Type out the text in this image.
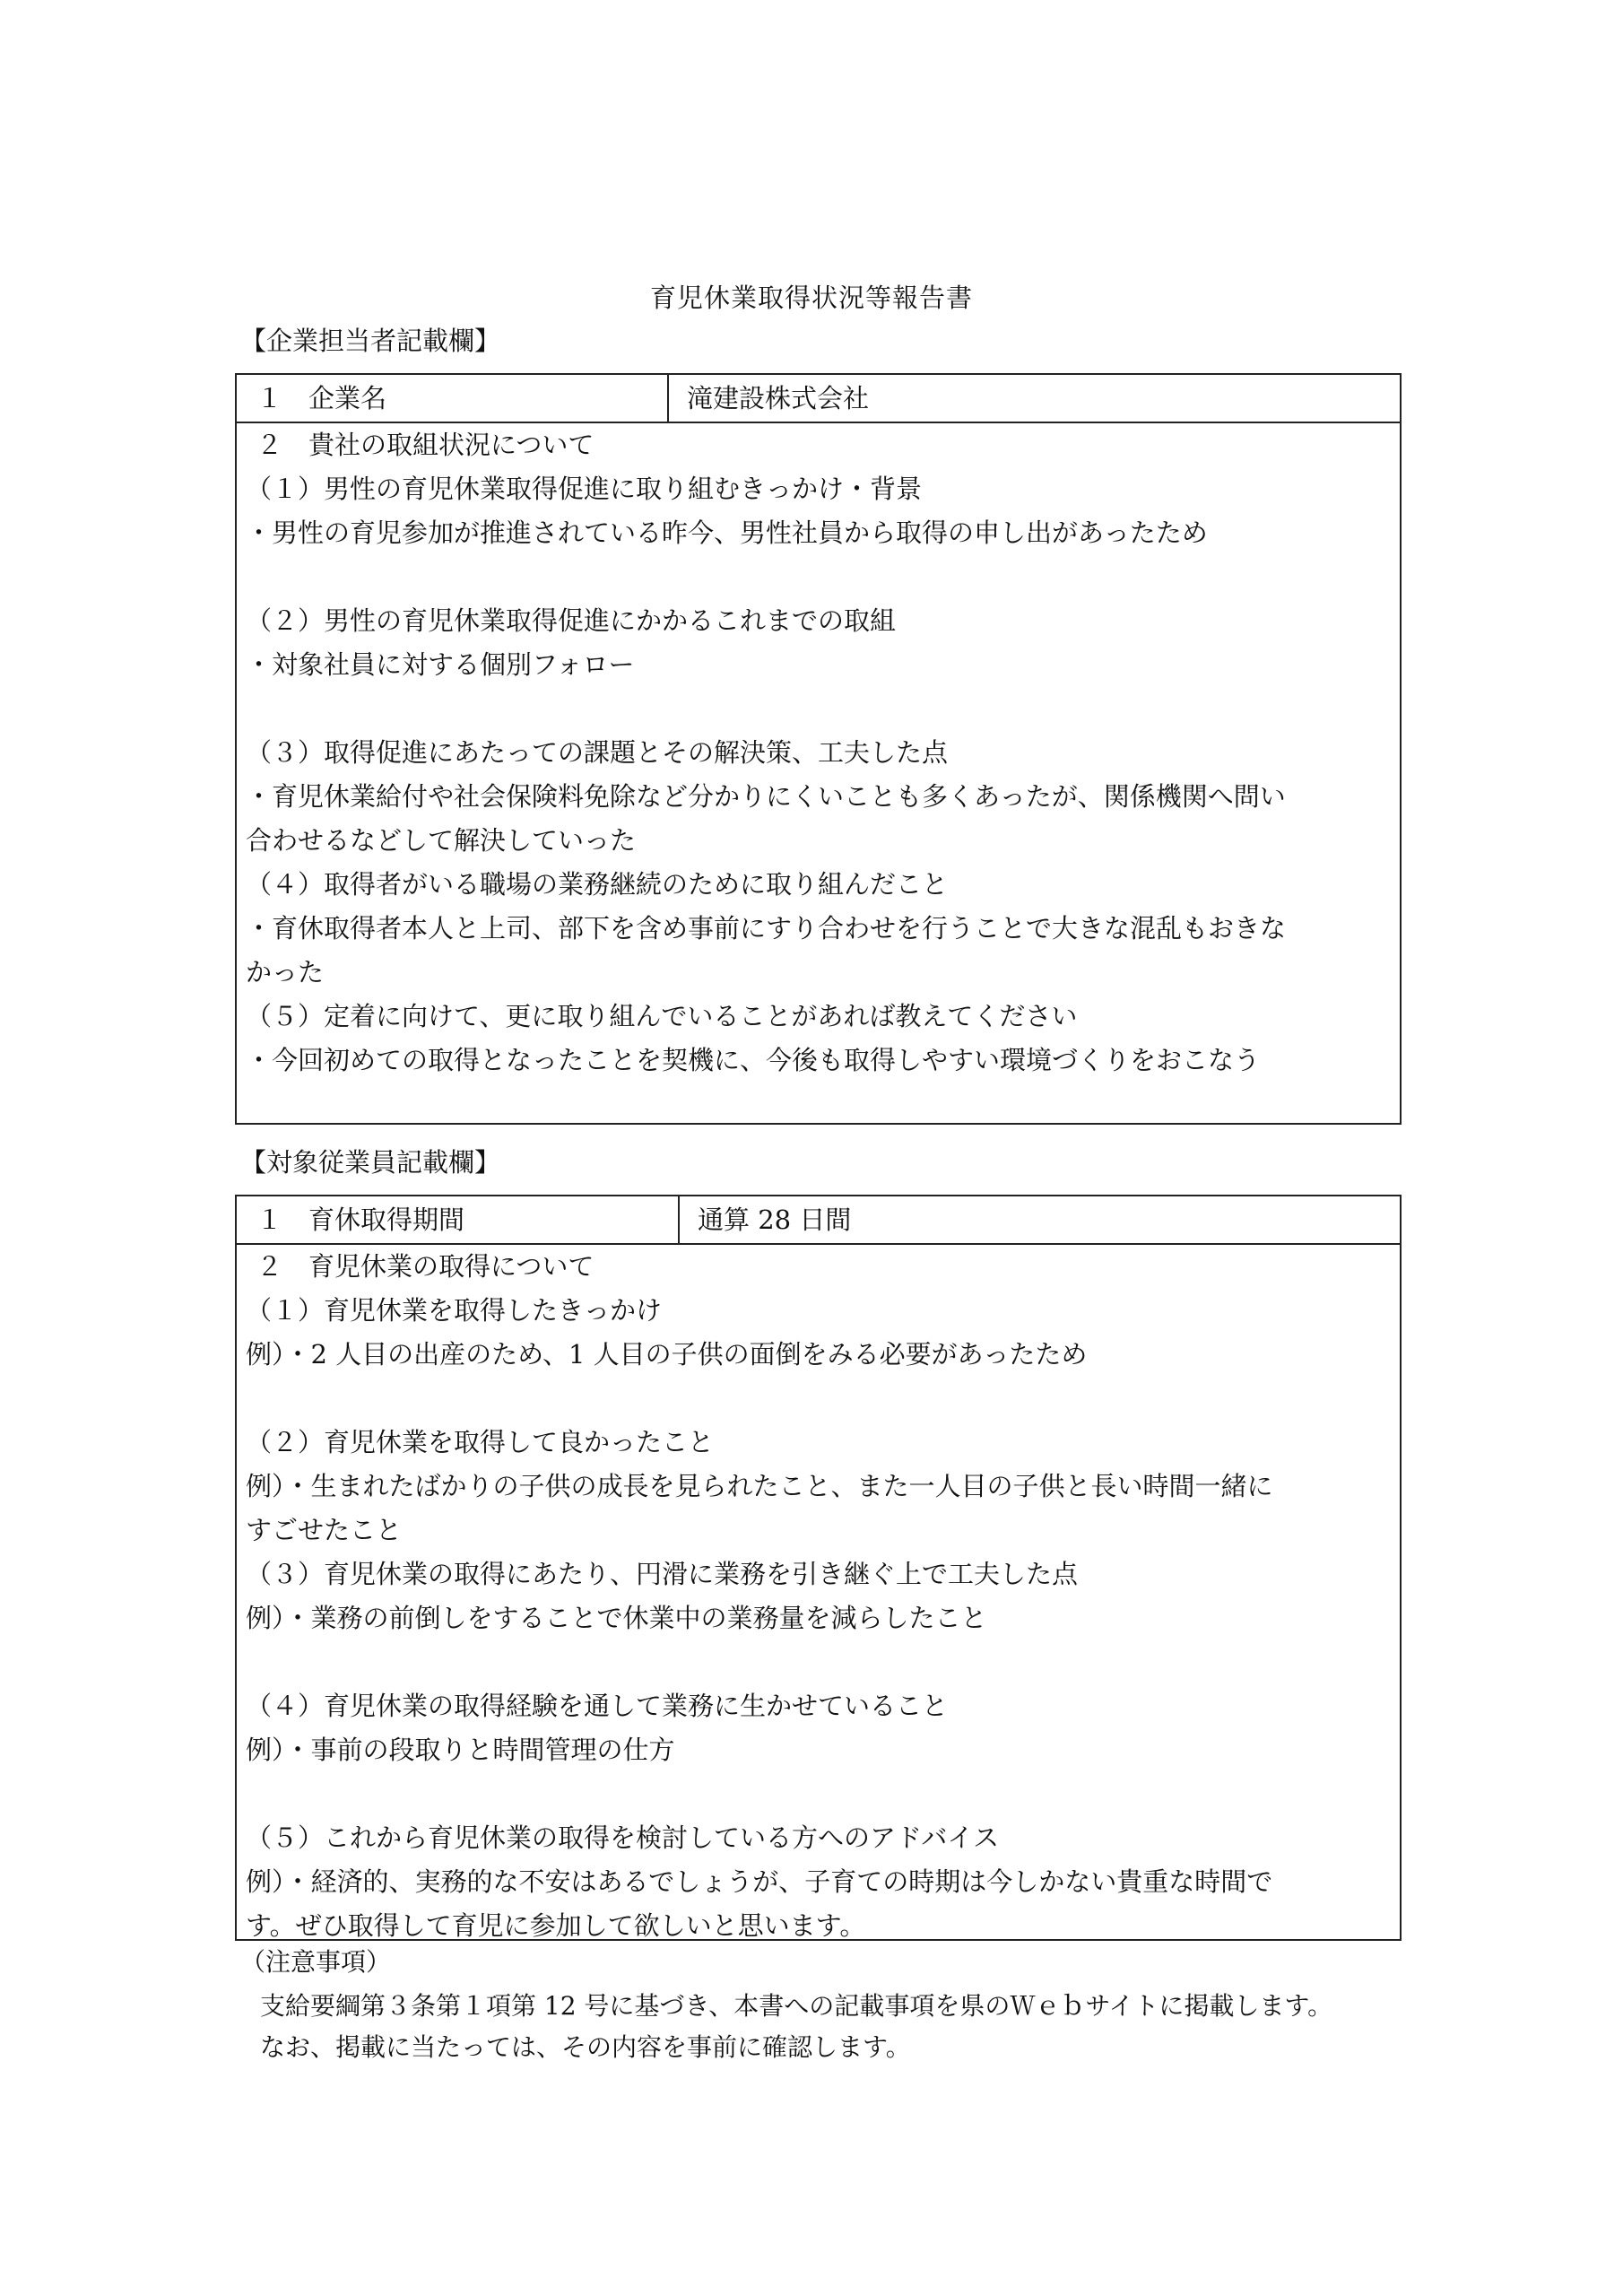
育児休業取得状況等報告書
【企業担当者記載欄】
１　企業名	滝建設株式会社
２　貴社の取組状況について
（１）男性の育児休業取得促進に取り組むきっかけ・背景
・男性の育児参加が推進されている昨今、男性社員から取得の申し出があったため
（２）男性の育児休業取得促進にかかるこれまでの取組
・対象社員に対する個別フォロー
（３）取得促進にあたっての課題とその解決策、工夫した点
・育児休業給付や社会保険料免除など分かりにくいことも多くあったが、関係機関へ問い
合わせるなどして解決していった
（４）取得者がいる職場の業務継続のために取り組んだこと
・育休取得者本人と上司、部下を含め事前にすり合わせを行うことで大きな混乱もおきな
かった
（５）定着に向けて、更に取り組んでいることがあれば教えてください
・今回初めての取得となったことを契機に、今後も取得しやすい環境づくりをおこなう
【対象従業員記載欄】
１　育休取得期間	通算 28 日間
２　育児休業の取得について
（１）育児休業を取得したきっかけ
例）・2 人目の出産のため、1 人目の子供の面倒をみる必要があったため
（２）育児休業を取得して良かったこと
例）・生まれたばかりの子供の成長を見られたこと、また一人目の子供と長い時間一緒に
すごせたこと
（３）育児休業の取得にあたり、円滑に業務を引き継ぐ上で工夫した点
例）・業務の前倒しをすることで休業中の業務量を減らしたこと
（４）育児休業の取得経験を通して業務に生かせていること
例）・事前の段取りと時間管理の仕方
（５）これから育児休業の取得を検討している方へのアドバイス
例）・経済的、実務的な不安はあるでしょうが、子育ての時期は今しかない貴重な時間で
す。ぜひ取得して育児に参加して欲しいと思います。
（注意事項）
支給要綱第３条第１項第 12 号に基づき、本書への記載事項を県のＷｅｂサイトに掲載します。
なお、掲載に当たっては、その内容を事前に確認します。
